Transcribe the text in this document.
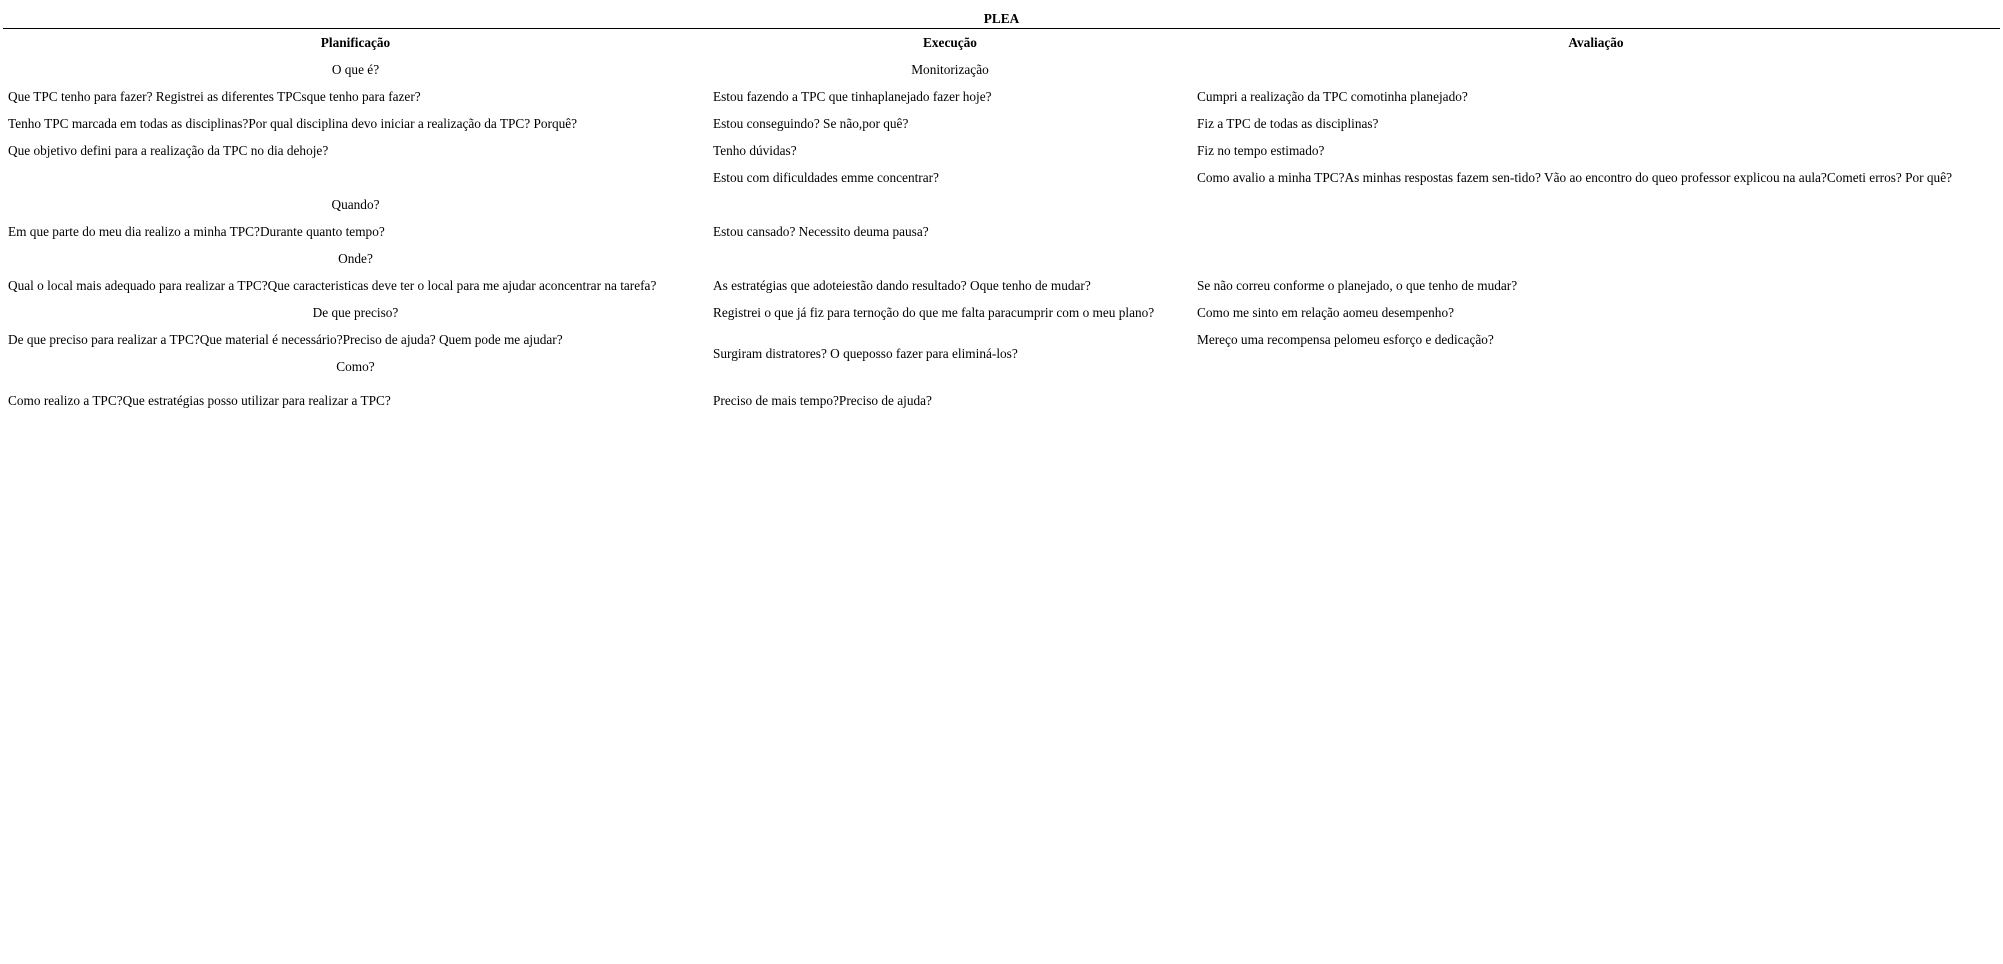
PLEA		
Planificação	Execução	Avaliação
O que é?	Monitorização	
Que TPC tenho para fazer? Registrei as diferentes TPCsque tenho para fazer?	Estou fazendo a TPC que tinhaplanejado fazer hoje?	Cumpri a realização da TPC comotinha planejado?
Tenho TPC marcada em todas as disciplinas?Por qual disciplina devo iniciar a realização da TPC? Porquê?	Estou conseguindo? Se não,por quê?	Fiz a TPC de todas as disciplinas?
Que objetivo defini para a realização da TPC no dia dehoje?	Tenho dúvidas?	Fiz no tempo estimado?
	Estou com dificuldades emme concentrar?	Como avalio a minha TPC?As minhas respostas fazem sen-tido? Vão ao encontro do queo professor explicou na aula?Cometi erros? Por quê?
Quando?		
Em que parte do meu dia realizo a minha TPC?Durante quanto tempo?	Estou cansado? Necessito deuma pausa?	
Onde?		
Qual o local mais adequado para realizar a TPC?Que caracteristicas deve ter o local para me ajudar aconcentrar na tarefa?	As estratégias que adoteiestão dando resultado? Oque tenho de mudar?	Se não correu conforme o planejado, o que tenho de mudar?
De que preciso?	Registrei o que já fiz para ternoção do que me falta paracumprir com o meu plano?	Como me sinto em relação aomeu desempenho?
De que preciso para realizar a TPC?Que material é necessário?Preciso de ajuda? Quem pode me ajudar?	Surgiram distratores? O queposso fazer para eliminá-los?	Mereço uma recompensa pelomeu esforço e dedicação?
Como?		
Como realizo a TPC?Que estratégias posso utilizar para realizar a TPC?	Preciso de mais tempo?Preciso de ajuda?	
